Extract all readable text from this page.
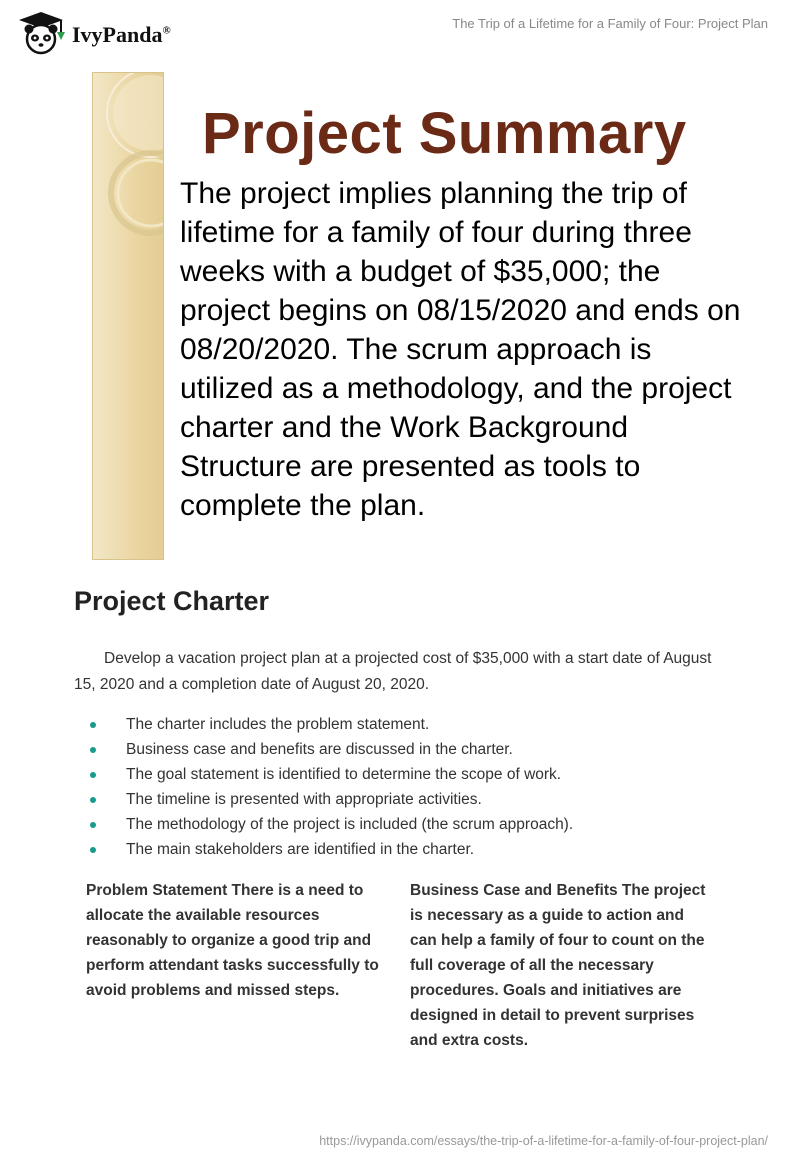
IvyPanda®	The Trip of a Lifetime for a Family of Four: Project Plan
Project Summary
The project implies planning the trip of lifetime for a family of four during three weeks with a budget of $35,000; the project begins on 08/15/2020 and ends on 08/20/2020. The scrum approach is utilized as a methodology, and the project charter and the Work Background Structure are presented as tools to complete the plan.
Project Charter
Develop a vacation project plan at a projected cost of $35,000 with a start date of August 15, 2020 and a completion date of August 20, 2020.
The charter includes the problem statement.
Business case and benefits are discussed in the charter.
The goal statement is identified to determine the scope of work.
The timeline is presented with appropriate activities.
The methodology of the project is included (the scrum approach).
The main stakeholders are identified in the charter.
Problem Statement There is a need to allocate the available resources reasonably to organize a good trip and perform attendant tasks successfully to avoid problems and missed steps.
Business Case and Benefits The project is necessary as a guide to action and can help a family of four to count on the full coverage of all the necessary procedures. Goals and initiatives are designed in detail to prevent surprises and extra costs.
https://ivypanda.com/essays/the-trip-of-a-lifetime-for-a-family-of-four-project-plan/
